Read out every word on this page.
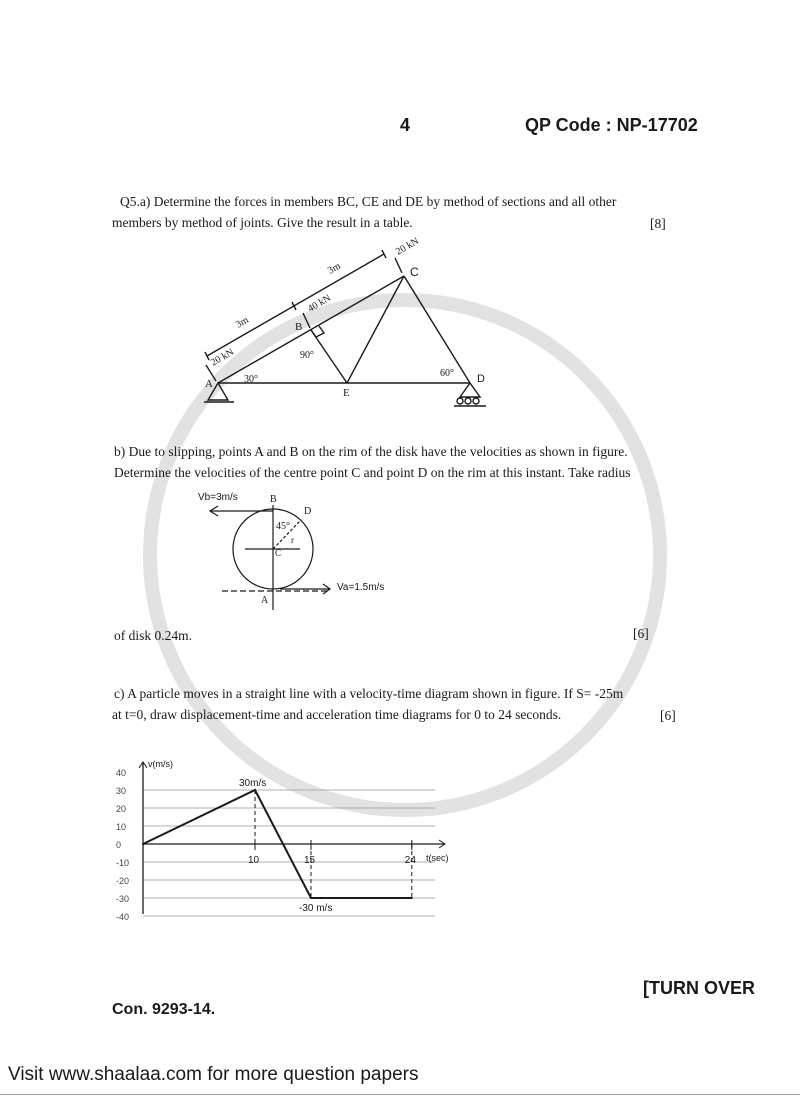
4	QP Code : NP-17702
Q5.a) Determine the forces in members BC, CE and DE by method of sections and all other
members by method of joints. Give the result in a table.	[8]
A
B
C
D
E
20 kN
40 kN
20 kN
3m
3m
30°
90°
60°
b) Due to slipping, points A and B on the rim of the disk have the velocities as shown in figure.
Determine the velocities of the centre point C and point D on the rim at this instant. Take radius
Vb=3m/s	B
D
45°
r
C
A
Va=1.5m/s
of disk 0.24m.	[6]
c) A particle moves in a straight line with a velocity-time diagram shown in figure. If S= -25m
at t=0, draw displacement-time and acceleration time diagrams for 0 to 24 seconds.	[6]
40
30
20
10
0
-10
-20
-30
-40
v(m/s)
t(sec)
10	15	24
30m/s
-30 m/s
[TURN OVER
Con. 9293-14.
Visit www.shaalaa.com for more question papers
